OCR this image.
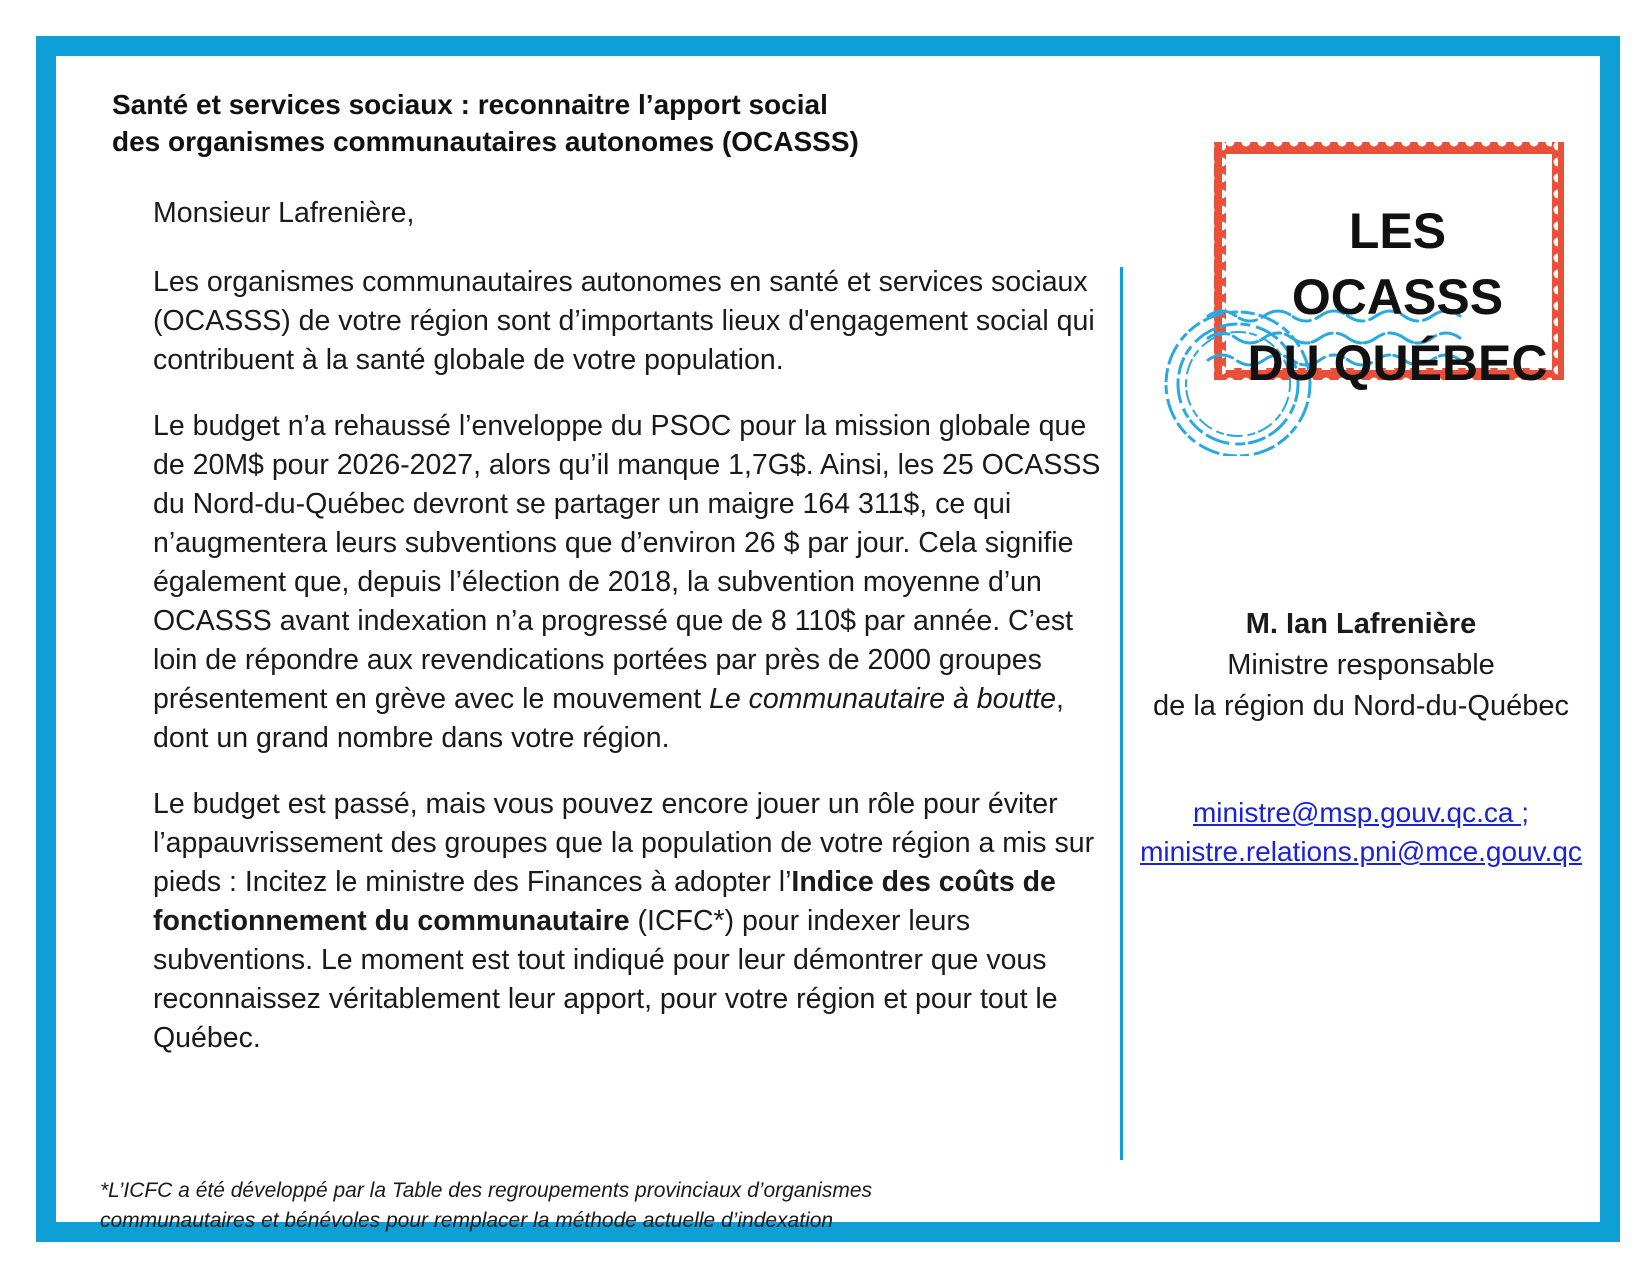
Santé et services sociaux : reconnaitre l’apport social
des organismes communautaires autonomes (OCASSS)

Monsieur Lafrenière,

Les organismes communautaires autonomes en santé et services sociaux (OCASSS) de votre région sont d’importants lieux d'engagement social qui contribuent à la santé globale de votre population.

Le budget n’a rehaussé l’enveloppe du PSOC pour la mission globale que de 20M$ pour 2026-2027, alors qu’il manque 1,7G$. Ainsi, les 25 OCASSS du Nord-du-Québec devront se partager un maigre 164 311$, ce qui n’augmentera leurs subventions que d’environ 26 $ par jour. Cela signifie également que, depuis l’élection de 2018, la subvention moyenne d’un OCASSS avant indexation n’a progressé que de 8 110$ par année. C’est loin de répondre aux revendications portées par près de 2000 groupes présentement en grève avec le mouvement Le communautaire à boutte, dont un grand nombre dans votre région.

Le budget est passé, mais vous pouvez encore jouer un rôle pour éviter l’appauvrissement des groupes que la population de votre région a mis sur pieds : Incitez le ministre des Finances à adopter l’Indice des coûts de fonctionnement du communautaire (ICFC*) pour indexer leurs subventions. Le moment est tout indiqué pour leur démontrer que vous reconnaissez véritablement leur apport, pour votre région et pour tout le Québec.

LES OCASSS
DU QUÉBEC
M. Ian Lafrenière
Ministre responsable
de la région du Nord-du-Québec
ministre@msp.gouv.qc.ca ;
ministre.relations.pni@mce.gouv.qc
*L’ICFC a été développé par la Table des regroupements provinciaux d’organismes
communautaires et bénévoles pour remplacer la méthode actuelle d’indexation
